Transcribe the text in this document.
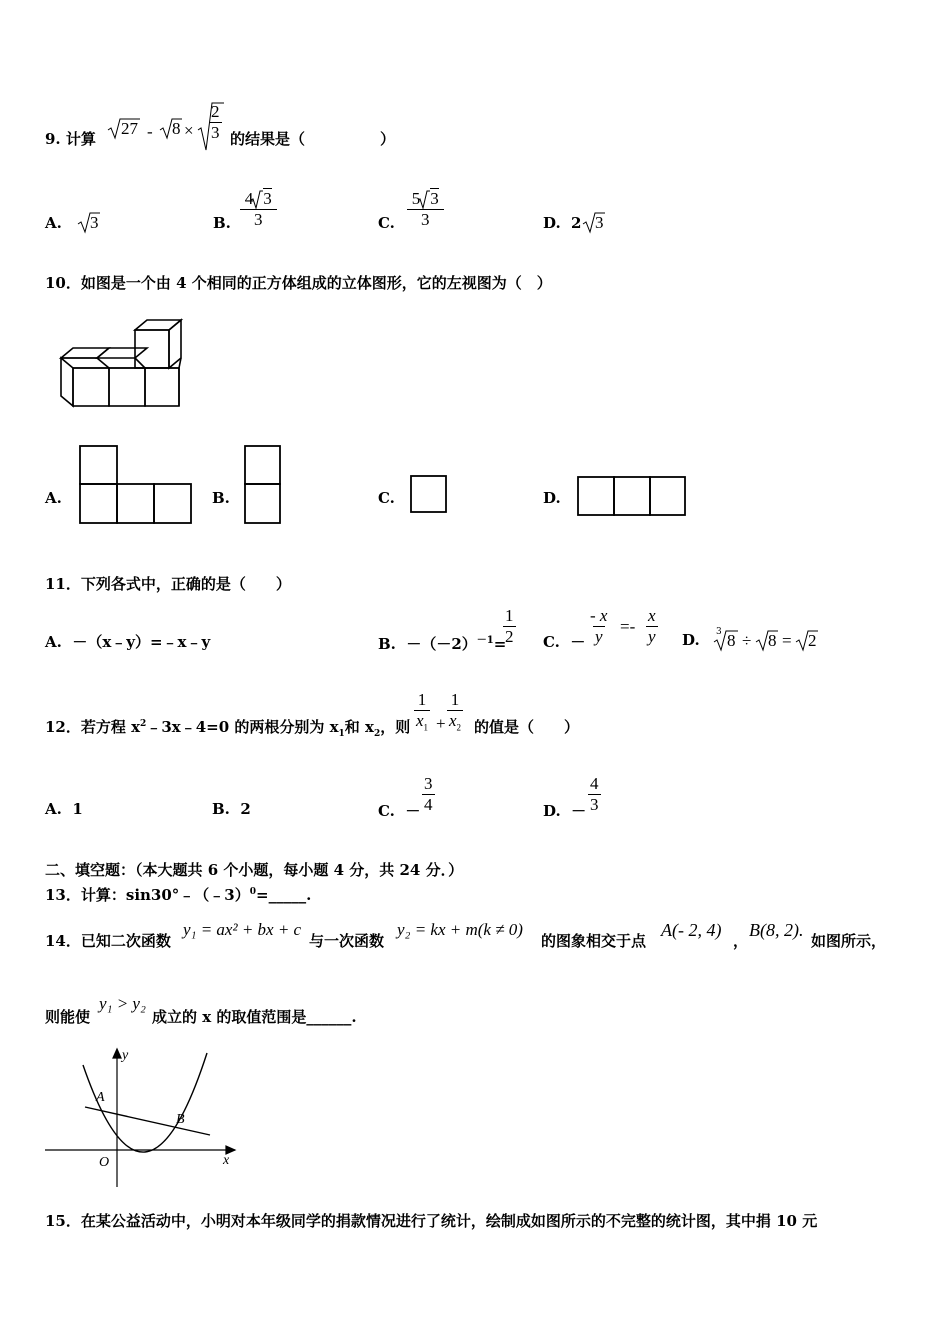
9. 计算
$27 - 8 \times \frac{2}{3}$ 的结果是（　　　　　）
A. 3	B. $\frac{4 3}{3}$	C. $\frac{5 3}{3}$	D. 2 3
10．如图是一个由 4 个相同的正方体组成的立体图形，它的左视图为（　）
A.	B.	C.	D.
11．下列各式中，正确的是（　　）
A. －（x﹣y）=﹣x﹣y	B. $-(-2)^{-1}=$
$\frac{1}{2} C$. － $\frac{- x}{y} =- \frac{x}{y} D$. 3 8 ÷ 8 = 2
12．若方程 $x^2﹣3x﹣4=0$ 的两根分别为 $x_1$和 $x_2$，则 $\frac{1}{x_1} + \frac{1}{x_2}$ 的值是（　　）
A. 1	B. 2	C. － $\frac{3}{4}$	D. － $\frac{4}{3}$
二、填空题：（本大题共 6 个小题，每小题 4 分，共 24 分．）
13．计算：sin30°﹣（﹣3）$^0$=_____.
14．已知二次函数
y₁ = ax² + bx + c
与一次函数
y₂ = kx + m(k ≠ 0)
的图象相交于点
A(- 2, 4)
，
B(8, 2).
如图所示，
则能使
y₁ > y₂
成立的 x 的取值范围是______.
y
x
O
A
B
15．在某公益活动中，小明对本年级同学的捐款情况进行了统计，绘制成如图所示的不完整的统计图，其中捐 10 元
